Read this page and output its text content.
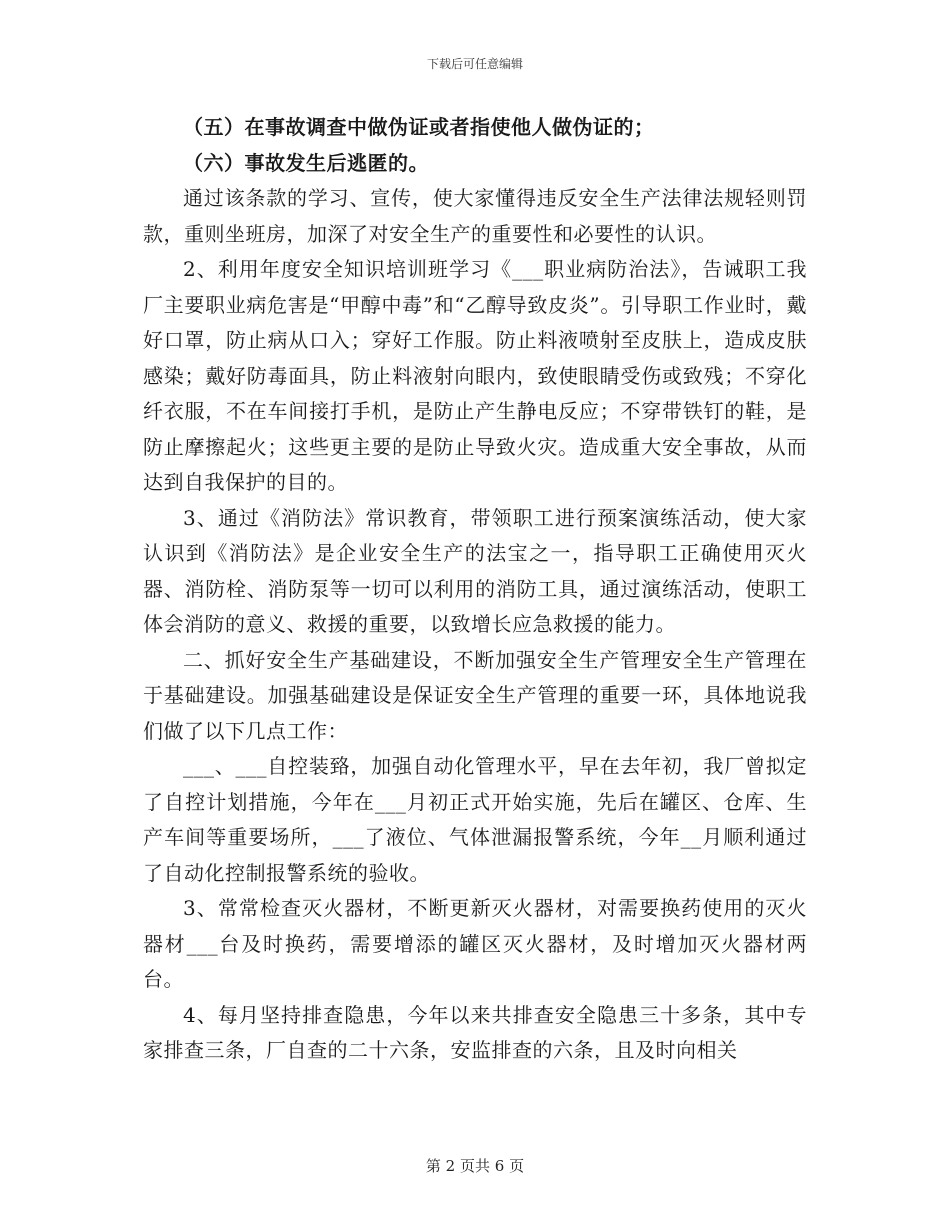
下载后可任意编辑

（五）在事故调查中做伪证或者指使他人做伪证的；

（六）事故发生后逃匿的。

通过该条款的学习、宣传，使大家懂得违反安全生产法律法规轻则罚款，重则坐班房，加深了对安全生产的重要性和必要性的认识。

2、利用年度安全知识培训班学习《___职业病防治法》，告诫职工我厂主要职业病危害是“甲醇中毒”和“乙醇导致皮炎”。引导职工作业时，戴好口罩，防止病从口入；穿好工作服。防止料液喷射至皮肤上，造成皮肤感染；戴好防毒面具，防止料液射向眼内，致使眼睛受伤或致残；不穿化纤衣服，不在车间接打手机，是防止产生静电反应；不穿带铁钉的鞋，是防止摩擦起火；这些更主要的是防止导致火灾。造成重大安全事故，从而达到自我保护的目的。

3、通过《消防法》常识教育，带领职工进行预案演练活动，使大家认识到《消防法》是企业安全生产的法宝之一，指导职工正确使用灭火器、消防栓、消防泵等一切可以利用的消防工具，通过演练活动，使职工体会消防的意义、救援的重要，以致增长应急救援的能力。

二、抓好安全生产基础建设，不断加强安全生产管理安全生产管理在于基础建设。加强基础建设是保证安全生产管理的重要一环，具体地说我们做了以下几点工作：

___、___自控装臵，加强自动化管理水平，早在去年初，我厂曾拟定了自控计划措施，今年在___月初正式开始实施，先后在罐区、仓库、生产车间等重要场所，___了液位、气体泄漏报警系统，今年__月顺利通过了自动化控制报警系统的验收。

3、常常检查灭火器材，不断更新灭火器材，对需要换药使用的灭火器材___台及时换药，需要增添的罐区灭火器材，及时增加灭火器材两台。

4、每月坚持排查隐患，今年以来共排查安全隐患三十多条，其中专家排查三条，厂自查的二十六条，安监排查的六条，且及时向相关

第 2 页共 6 页
